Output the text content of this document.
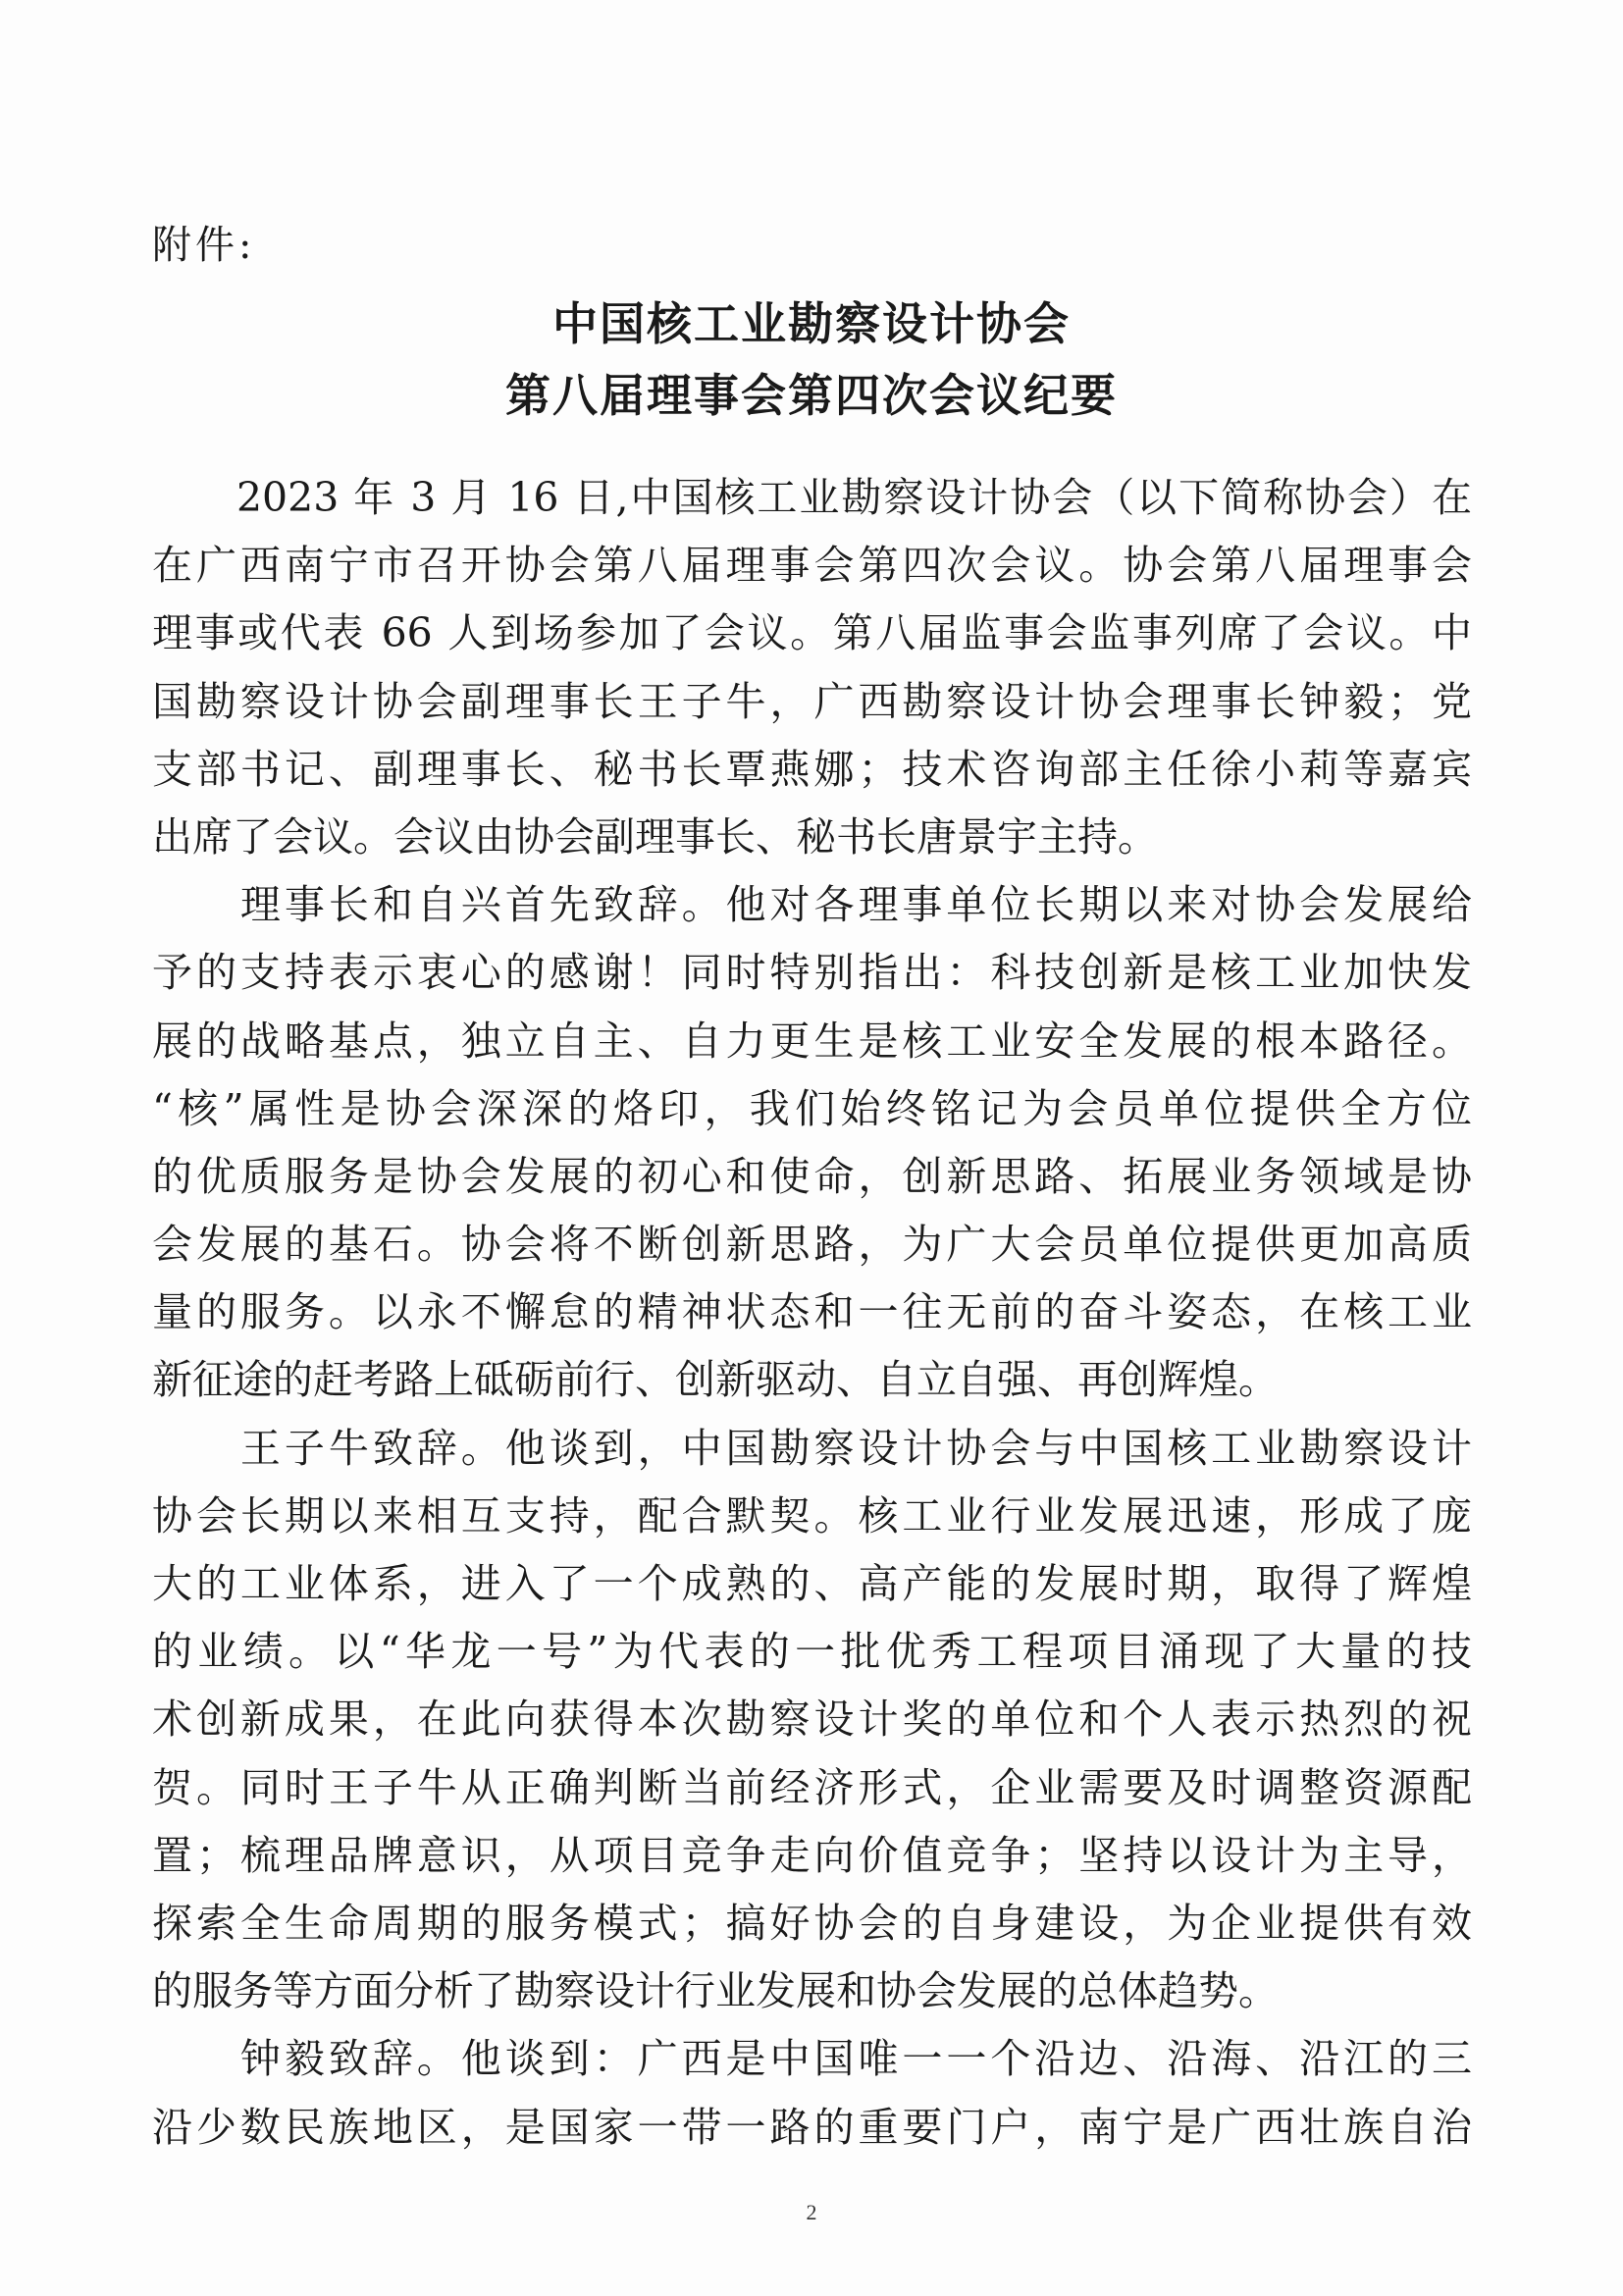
附件:
中国核工业勘察设计协会
第八届理事会第四次会议纪要
　　2023 年 3 月 16 日,中国核工业勘察设计协会（以下简称协会）在
在广西南宁市召开协会第八届理事会第四次会议。协会第八届理事会
理事或代表 66 人到场参加了会议。第八届监事会监事列席了会议。中
国勘察设计协会副理事长王子牛，广西勘察设计协会理事长钟毅；党
支部书记、副理事长、秘书长覃燕娜；技术咨询部主任徐小莉等嘉宾
出席了会议。会议由协会副理事长、秘书长唐景宇主持。
　　理事长和自兴首先致辞。他对各理事单位长期以来对协会发展给
予的支持表示衷心的感谢！同时特别指出：科技创新是核工业加快发
展的战略基点，独立自主、自力更生是核工业安全发展的根本路径。
“核”属性是协会深深的烙印，我们始终铭记为会员单位提供全方位
的优质服务是协会发展的初心和使命，创新思路、拓展业务领域是协
会发展的基石。协会将不断创新思路，为广大会员单位提供更加高质
量的服务。以永不懈怠的精神状态和一往无前的奋斗姿态，在核工业
新征途的赶考路上砥砺前行、创新驱动、自立自强、再创辉煌。
　　王子牛致辞。他谈到，中国勘察设计协会与中国核工业勘察设计
协会长期以来相互支持，配合默契。核工业行业发展迅速，形成了庞
大的工业体系，进入了一个成熟的、高产能的发展时期，取得了辉煌
的业绩。以“华龙一号”为代表的一批优秀工程项目涌现了大量的技
术创新成果，在此向获得本次勘察设计奖的单位和个人表示热烈的祝
贺。同时王子牛从正确判断当前经济形式，企业需要及时调整资源配
置；梳理品牌意识，从项目竞争走向价值竞争；坚持以设计为主导，
探索全生命周期的服务模式；搞好协会的自身建设，为企业提供有效
的服务等方面分析了勘察设计行业发展和协会发展的总体趋势。
　　钟毅致辞。他谈到：广西是中国唯一一个沿边、沿海、沿江的三
沿少数民族地区，是国家一带一路的重要门户，南宁是广西壮族自治
2
